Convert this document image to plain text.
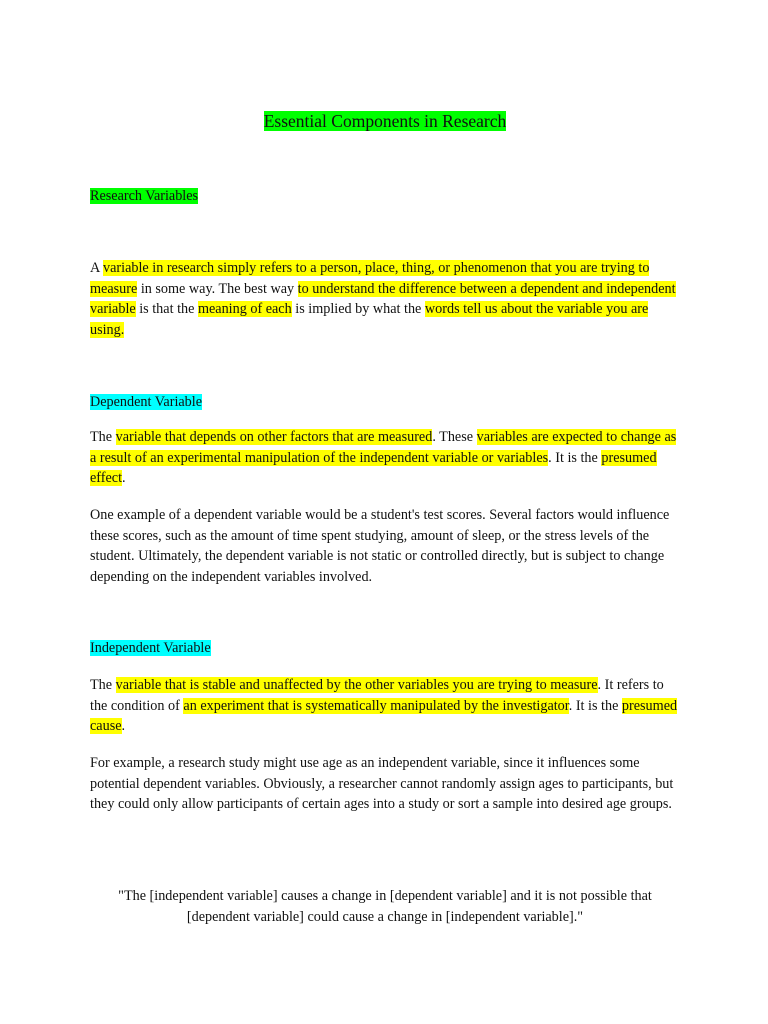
Essential Components in Research
Research Variables

A variable in research simply refers to a person, place, thing, or phenomenon that you are trying to measure in some way. The best way to understand the difference between a dependent and independent variable is that the meaning of each is implied by what the words tell us about the variable you are using.

Dependent Variable

The variable that depends on other factors that are measured. These variables are expected to change as a result of an experimental manipulation of the independent variable or variables. It is the presumed effect.

One example of a dependent variable would be a student's test scores. Several factors would influence these scores, such as the amount of time spent studying, amount of sleep, or the stress levels of the student. Ultimately, the dependent variable is not static or controlled directly, but is subject to change depending on the independent variables involved.

Independent Variable

The variable that is stable and unaffected by the other variables you are trying to measure. It refers to the condition of an experiment that is systematically manipulated by the investigator. It is the presumed cause.

For example, a research study might use age as an independent variable, since it influences some potential dependent variables. Obviously, a researcher cannot randomly assign ages to participants, but they could only allow participants of certain ages into a study or sort a sample into desired age groups.

"The [independent variable] causes a change in [dependent variable] and it is not possible that

[dependent variable] could cause a change in [independent variable]."
